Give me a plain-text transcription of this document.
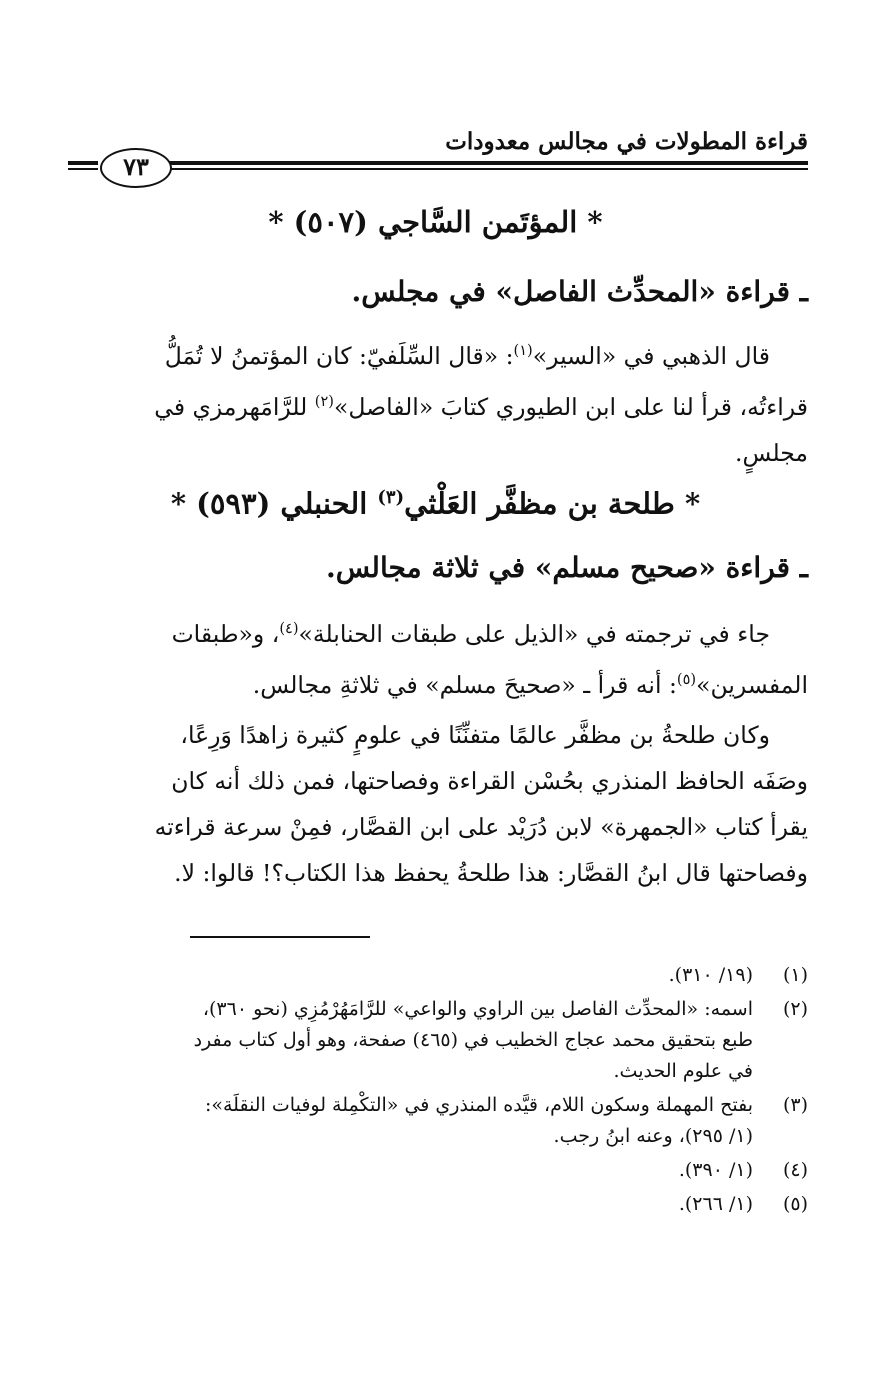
قراءة المطولات في مجالس معدودات
٧٣
* المؤتَمن السَّاجي (٥٠٧) *
ـ قراءة «المحدِّث الفاصل» في مجلس.
قال الذهبي في «السير»$^{(١)}$: «قال السِّلَفيّ: كان المؤتمنُ لا تُمَلُّ
قراءتُه، قرأ لنا على ابن الطيوري كتابَ «الفاصل»$^{(٢)}$ للرَّامَهرمزي في
مجلسٍ.
* طلحة بن مظفَّر العَلْثي$^{(٣)}$ الحنبلي (٥٩٣) *
ـ قراءة «صحيح مسلم» في ثلاثة مجالس.
جاء في ترجمته في «الذيل على طبقات الحنابلة»$^{(٤)}$، و«طبقات
المفسرين»$^{(٥)}$: أنه قرأ ـ «صحيحَ مسلم» في ثلاثةِ مجالس.
وكان طلحةُ بن مظفَّر عالمًا متفنِّنًا في علومٍ كثيرة زاهدًا وَرِعًا،
وصَفَه الحافظ المنذري بحُسْن القراءة وفصاحتها، فمن ذلك أنه كان
يقرأ كتاب «الجمهرة» لابن دُرَيْد على ابن القصَّار، فمِنْ سرعة قراءته
وفصاحتها قال ابنُ القصَّار: هذا طلحةُ يحفظ هذا الكتاب؟! قالوا: لا.
(١)
(١٩/ ٣١٠).
(٢)
اسمه: «المحدِّث الفاصل بين الراوي والواعي» للرَّامَهُرْمُزِي (نحو ٣٦٠)،
طبع بتحقيق محمد عجاج الخطيب في (٤٦٥) صفحة، وهو أول كتاب مفرد
في علوم الحديث.
(٣)
بفتح المهملة وسكون اللام، قيَّده المنذري في «التكْمِلة لوفيات النقلَة»:
(١/ ٢٩٥)، وعنه ابنُ رجب.
(٤)
(١/ ٣٩٠).
(٥)
(١/ ٢٦٦).
